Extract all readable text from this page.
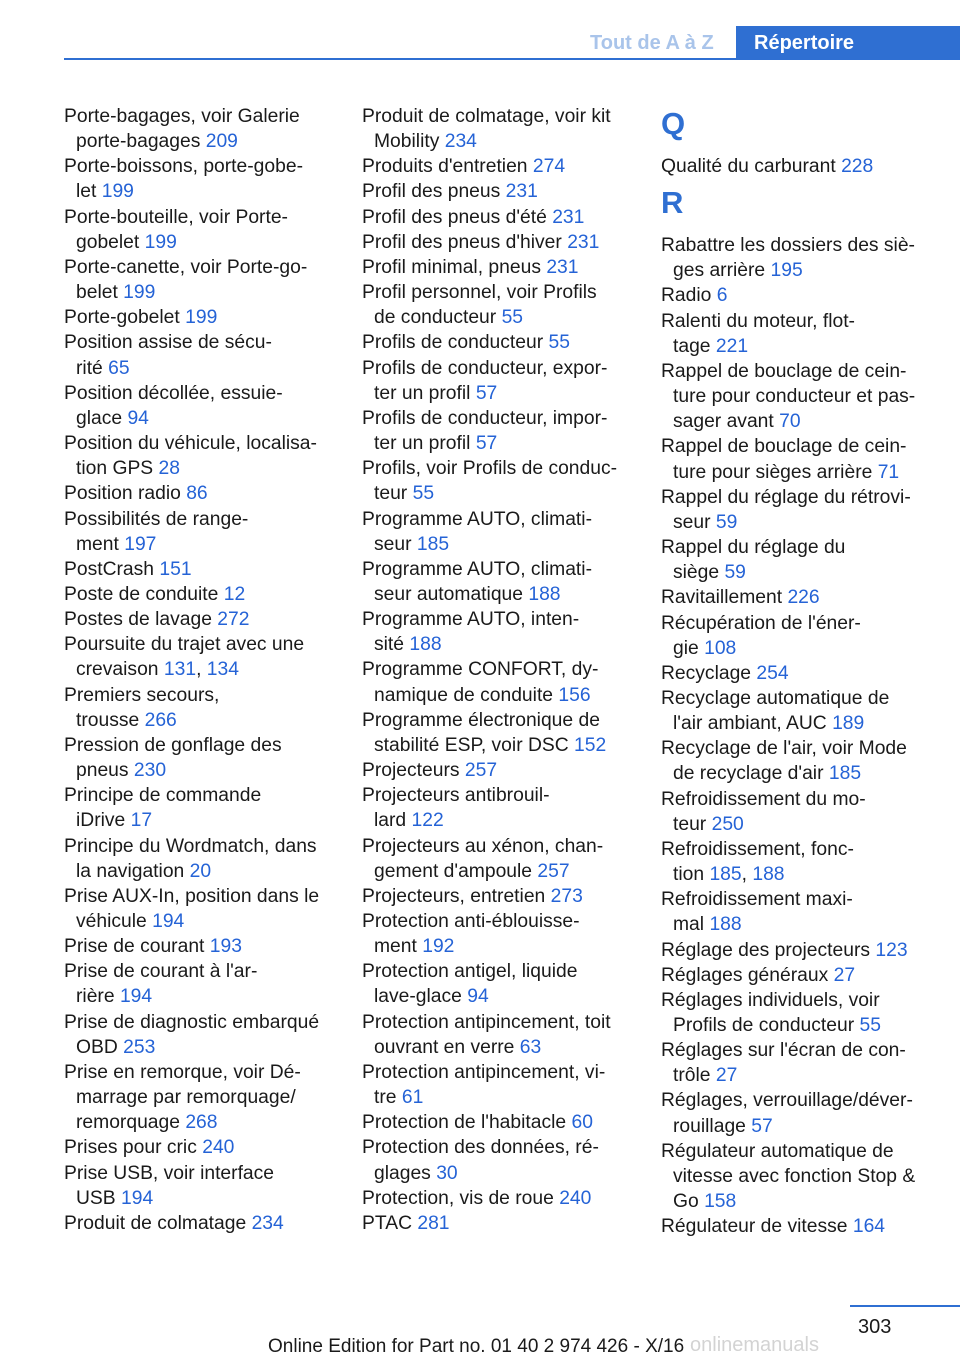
Tout de A à Z	Répertoire
Porte-bagages, voir Galerie
porte-bagages 209
Porte-boissons, porte-gobe-
let 199
Porte-bouteille, voir Porte-
gobelet 199
Porte-canette, voir Porte-go-
belet 199
Porte-gobelet 199
Position assise de sécu-
rité 65
Position décollée, essuie-
glace 94
Position du véhicule, localisa-
tion GPS 28
Position radio 86
Possibilités de range-
ment 197
PostCrash 151
Poste de conduite 12
Postes de lavage 272
Poursuite du trajet avec une
crevaison 131, 134
Premiers secours,
trousse 266
Pression de gonflage des
pneus 230
Principe de commande
iDrive 17
Principe du Wordmatch, dans
la navigation 20
Prise AUX-In, position dans le
véhicule 194
Prise de courant 193
Prise de courant à l'ar-
rière 194
Prise de diagnostic embarqué
OBD 253
Prise en remorque, voir Dé-
marrage par remorquage/
remorquage 268
Prises pour cric 240
Prise USB, voir interface
USB 194
Produit de colmatage 234
Produit de colmatage, voir kit
Mobility 234
Produits d'entretien 274
Profil des pneus 231
Profil des pneus d'été 231
Profil des pneus d'hiver 231
Profil minimal, pneus 231
Profil personnel, voir Profils
de conducteur 55
Profils de conducteur 55
Profils de conducteur, expor-
ter un profil 57
Profils de conducteur, impor-
ter un profil 57
Profils, voir Profils de conduc-
teur 55
Programme AUTO, climati-
seur 185
Programme AUTO, climati-
seur automatique 188
Programme AUTO, inten-
sité 188
Programme CONFORT, dy-
namique de conduite 156
Programme électronique de
stabilité ESP, voir DSC 152
Projecteurs 257
Projecteurs antibrouil-
lard 122
Projecteurs au xénon, chan-
gement d'ampoule 257
Projecteurs, entretien 273
Protection anti-éblouisse-
ment 192
Protection antigel, liquide
lave-glace 94
Protection antipincement, toit
ouvrant en verre 63
Protection antipincement, vi-
tre 61
Protection de l'habitacle 60
Protection des données, ré-
glages 30
Protection, vis de roue 240
PTAC 281
Q
Qualité du carburant 228
R
Rabattre les dossiers des siè-
ges arrière 195
Radio 6
Ralenti du moteur, flot-
tage 221
Rappel de bouclage de cein-
ture pour conducteur et pas-
sager avant 70
Rappel de bouclage de cein-
ture pour sièges arrière 71
Rappel du réglage du rétrovi-
seur 59
Rappel du réglage du
siège 59
Ravitaillement 226
Récupération de l'éner-
gie 108
Recyclage 254
Recyclage automatique de
l'air ambiant, AUC 189
Recyclage de l'air, voir Mode
de recyclage d'air 185
Refroidissement du mo-
teur 250
Refroidissement, fonc-
tion 185, 188
Refroidissement maxi-
mal 188
Réglage des projecteurs 123
Réglages généraux 27
Réglages individuels, voir
Profils de conducteur 55
Réglages sur l'écran de con-
trôle 27
Réglages, verrouillage/déver-
rouillage 57
Régulateur automatique de
vitesse avec fonction Stop &
Go 158
Régulateur de vitesse 164
303
onlinemanuals
Online Edition for Part no. 01 40 2 974 426 - X/16
